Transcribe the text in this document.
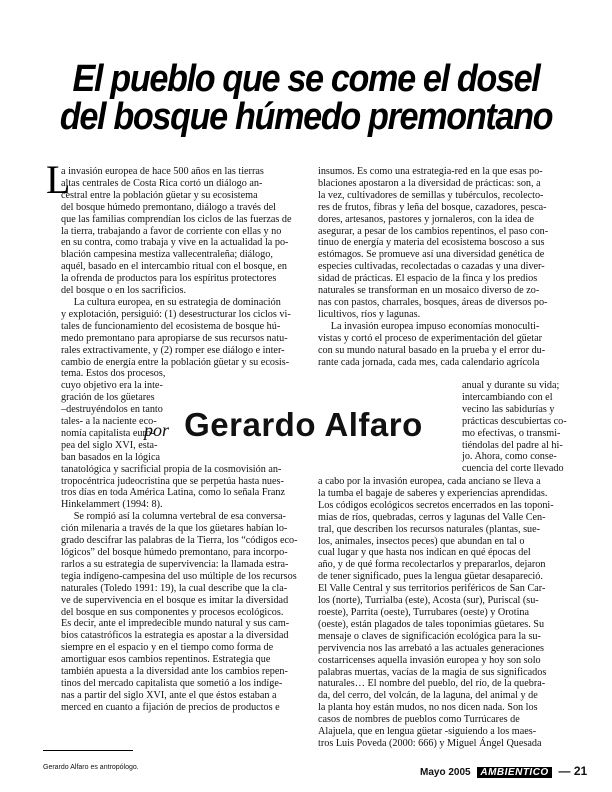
El pueblo que se come el dosel
del bosque húmedo premontano
L
a invasión europea de hace 500 años en las tierras
altas centrales de Costa Rica cortó un diálogo an-
cestral entre la población güetar y su ecosistema
del bosque húmedo premontano, diálogo a través del
que las familias comprendían los ciclos de las fuerzas de
la tierra, trabajando a favor de corriente con ellas y no
en su contra, como trabaja y vive en la actualidad la po-
blación campesina mestiza vallecentraleña; diálogo,
aquél, basado en el intercambio ritual con el bosque, en
la ofrenda de productos para los espíritus protectores
del bosque o en los sacrificios.
La cultura europea, en su estrategia de dominación
y explotación, persiguió: (1) desestructurar los ciclos vi-
tales de funcionamiento del ecosistema de bosque hú-
medo premontano para apropiarse de sus recursos natu-
rales extractivamente, y (2) romper ese diálogo e inter-
cambio de energía entre la población güetar y su ecosis-
tema. Estos dos procesos,
cuyo objetivo era la inte-
gración de los güetares
–destruyéndolos en tanto
tales- a la naciente eco-
nomía capitalista euro-
pea del siglo XVI, esta-
ban basados en la lógica
tanatológica y sacrificial propia de la cosmovisión an-
tropocéntrica judeocristina que se perpetúa hasta nues-
tros días en toda América Latina, como lo señala Franz
Hinkelammert (1994: 8).
Se rompió así la columna vertebral de esa conversa-
ción milenaria a través de la que los güetares habían lo-
grado descifrar las palabras de la Tierra, los “códigos eco-
lógicos” del bosque húmedo premontano, para incorpo-
rarlos a su estrategia de supervivencia: la llamada estra-
tegia indígeno-campesina del uso múltiple de los recursos
naturales (Toledo 1991: 19), la cual describe que la cla-
ve de supervivencia en el bosque es imitar la diversidad
del bosque en sus componentes y procesos ecológicos.
Es decir, ante el impredecible mundo natural y sus cam-
bios catastróficos la estrategia es apostar a la diversidad
siempre en el espacio y en el tiempo como forma de
amortiguar esos cambios repentinos. Estrategia que
también apuesta a la diversidad ante los cambios repen-
tinos del mercado capitalista que sometió a los indíge-
nas a partir del siglo XVI, ante el que éstos estaban a
merced en cuanto a fijación de precios de productos e
insumos. Es como una estrategia-red en la que esas po-
blaciones apostaron a la diversidad de prácticas: son, a
la vez, cultivadores de semillas y tubérculos, recolecto-
res de frutos, fibras y leña del bosque, cazadores, pesca-
dores, artesanos, pastores y jornaleros, con la idea de
asegurar, a pesar de los cambios repentinos, el paso con-
tinuo de energía y materia del ecosistema boscoso a sus
estómagos. Se promueve así una diversidad genética de
especies cultivadas, recolectadas o cazadas y una diver-
sidad de prácticas. El espacio de la finca y los predios
naturales se transforman en un mosaico diverso de zo-
nas con pastos, charrales, bosques, áreas de diversos po-
licultivos, ríos y lagunas.
La invasión europea impuso economías monoculti-
vistas y cortó el proceso de experimentación del güetar
con su mundo natural basado en la prueba y el error du-
rante cada jornada, cada mes, cada calendario agrícola
anual y durante su vida;
intercambiando con el
vecino las sabidurías y
prácticas descubiertas co-
mo efectivas, o transmi-
tiéndolas del padre al hi-
jo. Ahora, como conse-
cuencia del corte llevado
a cabo por la invasión europea, cada anciano se lleva a
la tumba el bagaje de saberes y experiencias aprendidas.
Los códigos ecológicos secretos encerrados en las toponi-
mias de ríos, quebradas, cerros y lagunas del Valle Cen-
tral, que describen los recursos naturales (plantas, sue-
los, animales, insectos peces) que abundan en tal o
cual lugar y que hasta nos indican en qué épocas del
año, y de qué forma recolectarlos y prepararlos, dejaron
de tener significado, pues la lengua güetar desapareció.
El Valle Central y sus territorios periféricos de San Car-
los (norte), Turrialba (este), Acosta (sur), Puriscal (su-
roeste), Parrita (oeste), Turrubares (oeste) y Orotina
(oeste), están plagados de tales toponimias güetares. Su
mensaje o claves de significación ecológica para la su-
pervivencia nos las arrebató a las actuales generaciones
costarricenses aquella invasión europea y hoy son solo
palabras muertas, vacías de la magia de sus significados
naturales… El nombre del pueblo, del río, de la quebra-
da, del cerro, del volcán, de la laguna, del animal y de
la planta hoy están mudos, no nos dicen nada. Son los
casos de nombres de pueblos como Turrúcares de
Alajuela, que en lengua güetar -siguiendo a los maes-
tros Luis Poveda (2000: 666) y Miguel Ángel Quesada
por Gerardo Alfaro
Gerardo Alfaro es antropólogo.	Mayo 2005 AMBIENTICO — 21
